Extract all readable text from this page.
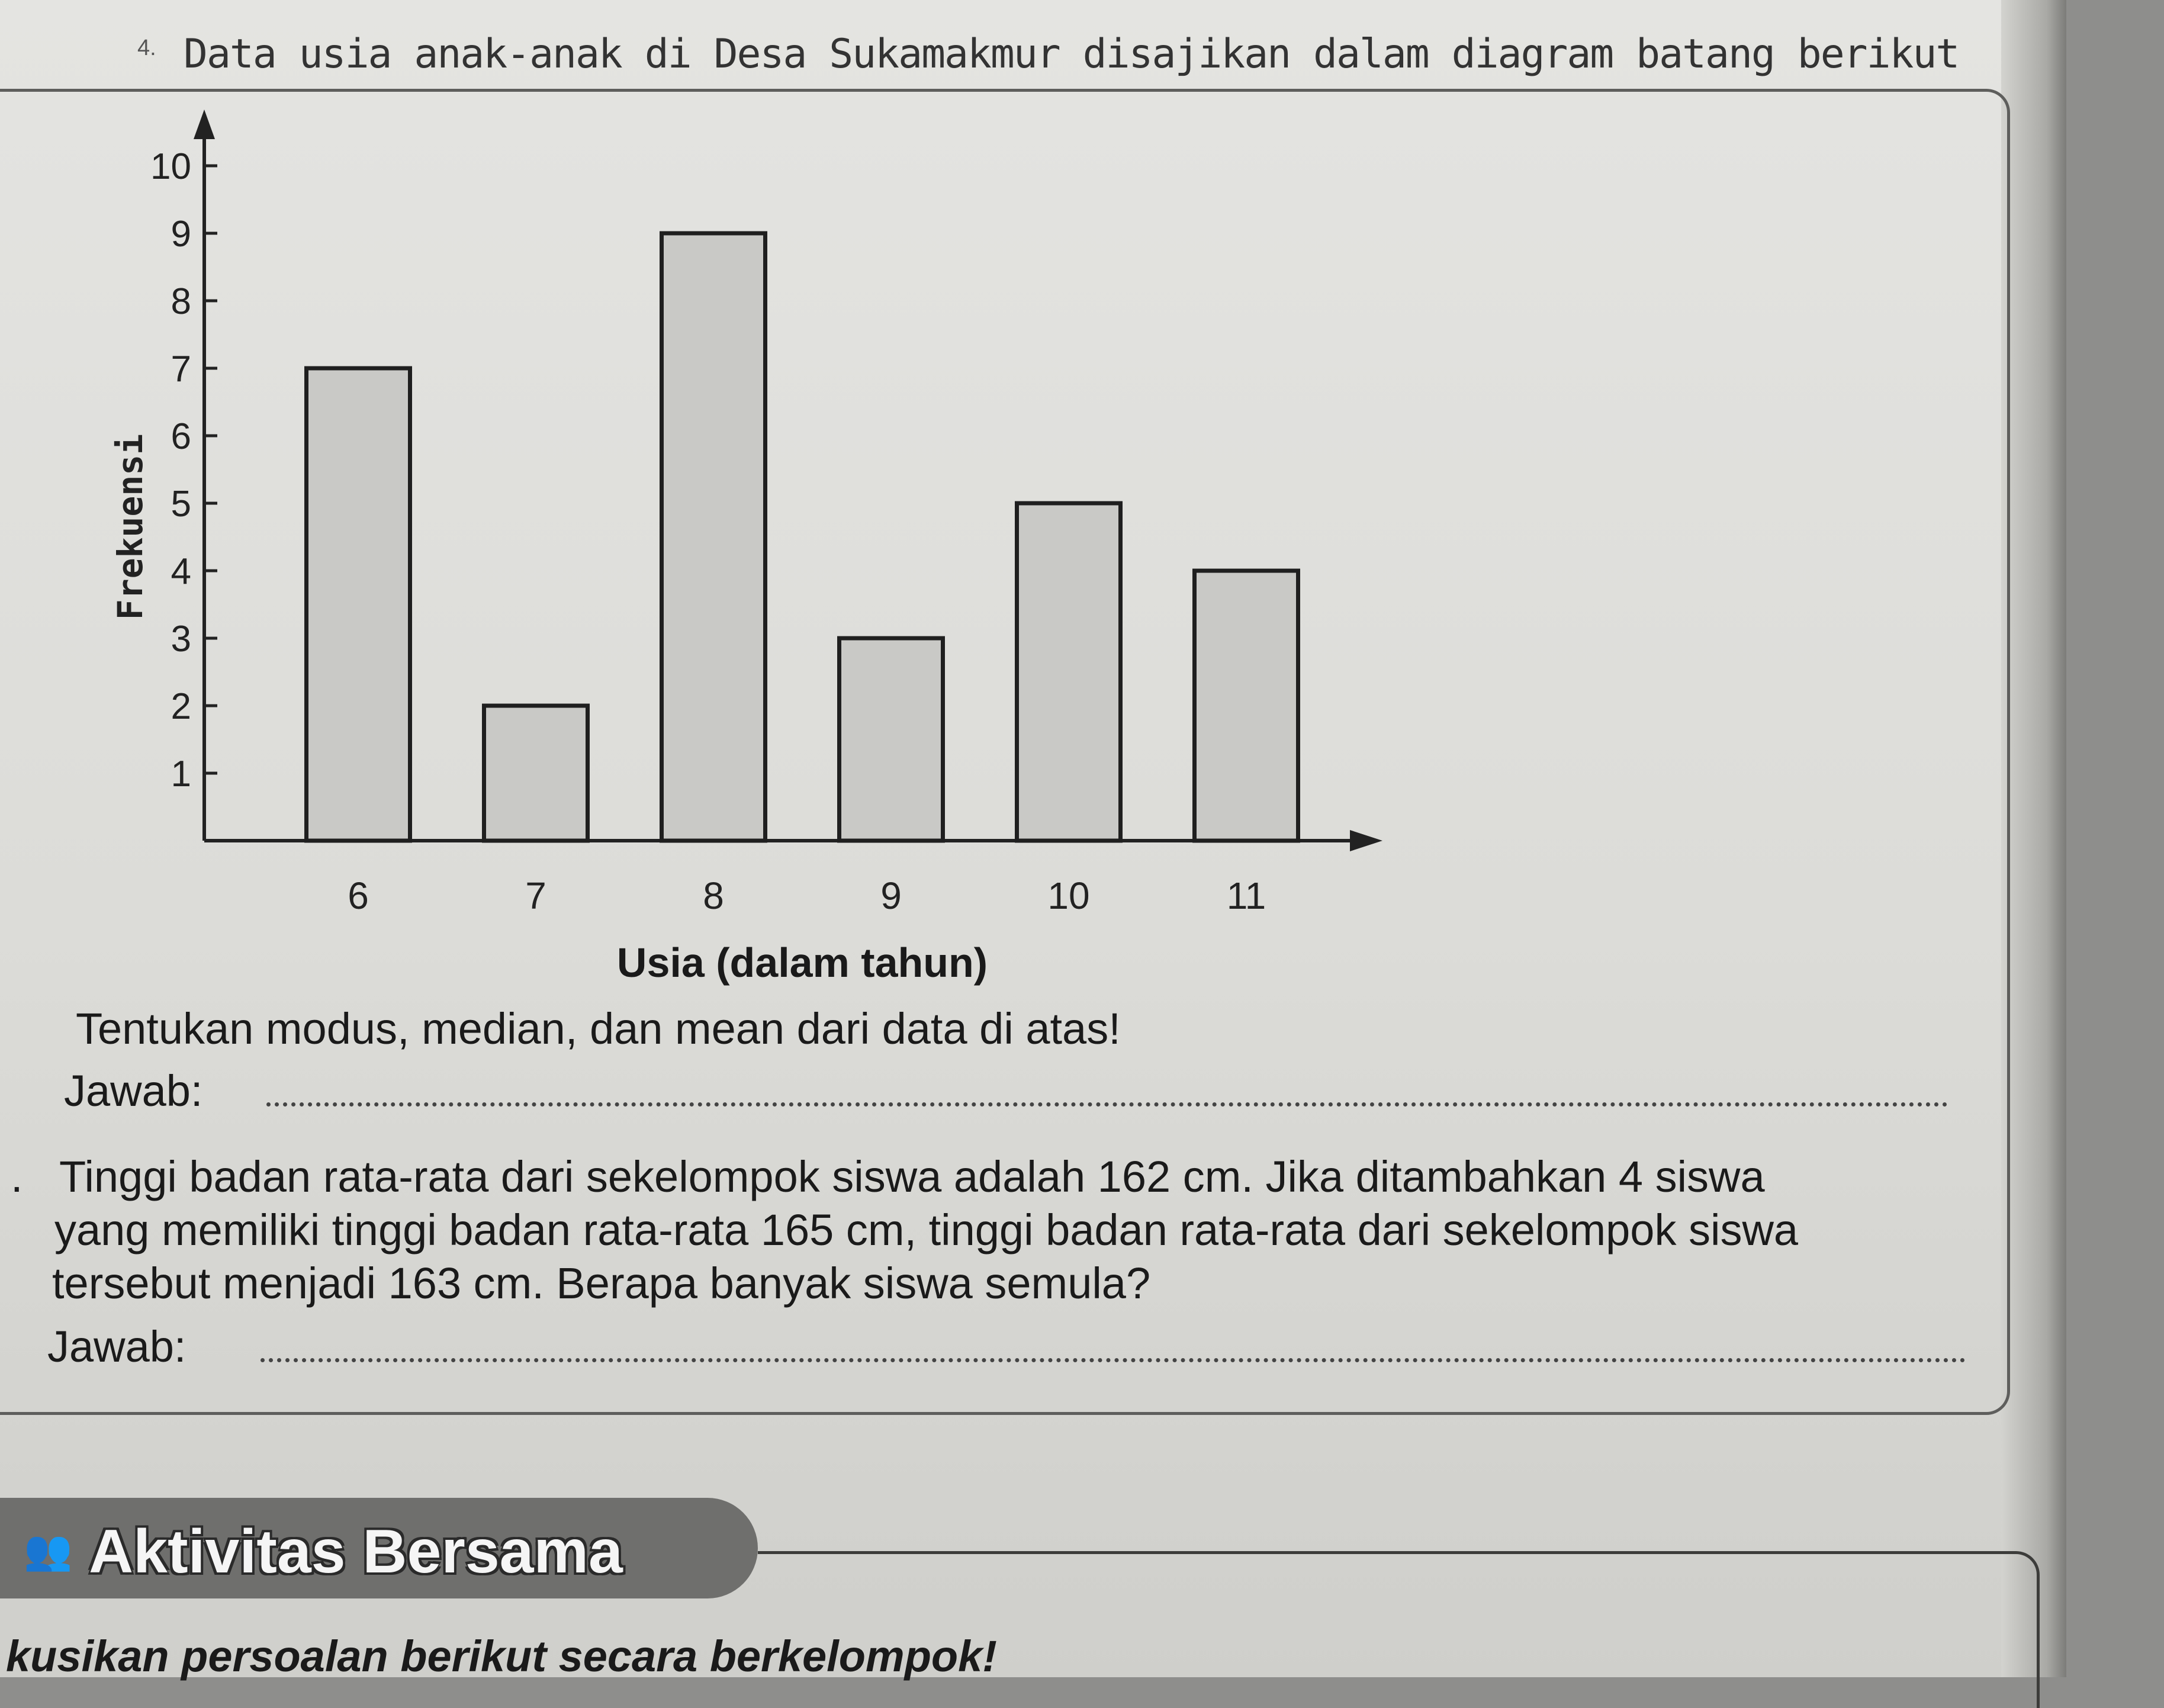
4. Data usia anak-anak di Desa Sukamakmur disajikan dalam diagram batang berikut
1
2
3
4
5
6
7
8
9
10
Frekuensi
6	7	8	9	10	11
Usia (dalam tahun)
Tentukan modus, median, dan mean dari data di atas!
Jawab:
. Tinggi badan rata-rata dari sekelompok siswa adalah 162 cm. Jika ditambahkan 4 siswa
yang memiliki tinggi badan rata-rata 165 cm, tinggi badan rata-rata dari sekelompok siswa
tersebut menjadi 163 cm. Berapa banyak siswa semula?
Jawab:
👥 Aktivitas Bersama
kusikan persoalan berikut secara berkelompok!
